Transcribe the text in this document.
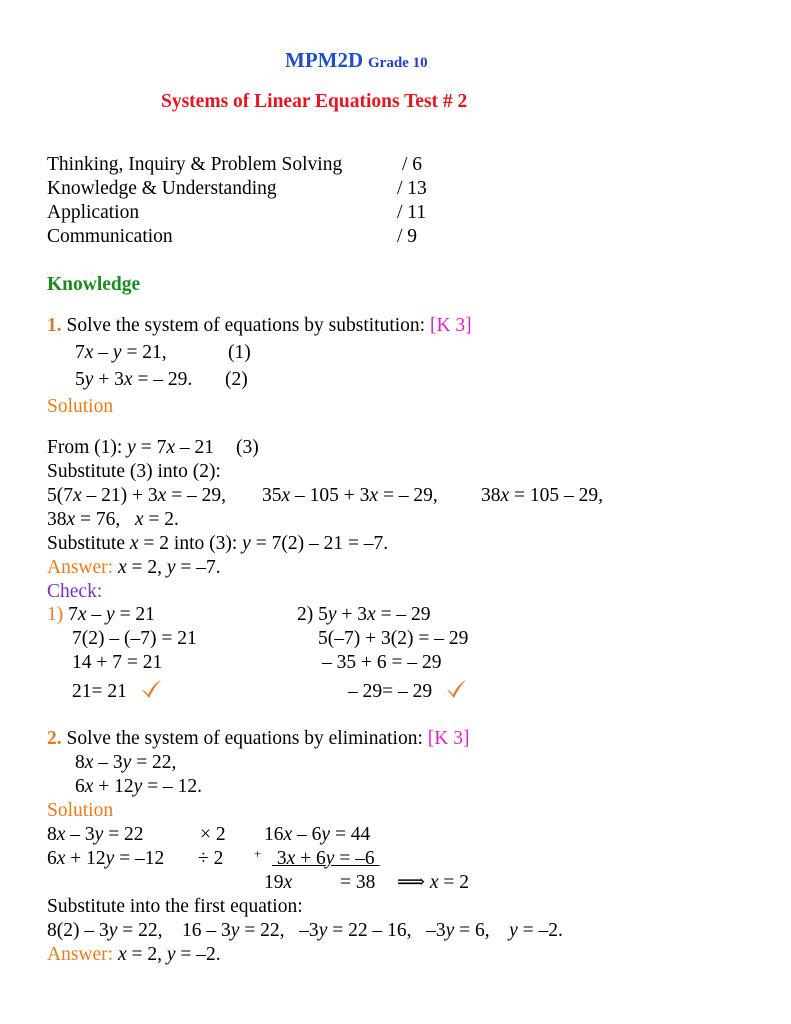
MPM2D Grade 10
Systems of Linear Equations Test # 2
Thinking, Inquiry & Problem Solving	/ 6
Knowledge & Understanding	/ 13
Application	/ 11
Communication	/ 9
Knowledge
1. Solve the system of equations by substitution: [K 3]
7x – y = 21,	(1)
5y + 3x = – 29. (2)
Solution
From (1): y = 7x – 21 (3)
Substitute (3) into (2):
5(7x – 21) + 3x = – 29, 35x – 105 + 3x = – 29, 38x = 105 – 29,
38x = 76,   x = 2.
Substitute x = 2 into (3): y = 7(2) – 21 = –7.
Answer: x = 2, y = –7.
Check:
1) 7x – y = 21
7(2) – (–7) = 21
14 + 7 = 21
21= 21
2) 5y + 3x = – 29
5(–7) + 3(2) = – 29
– 35 + 6 = – 29
– 29= – 29
2. Solve the system of equations by elimination: [K 3]
8x – 3y = 22,
6x + 12y = – 12.
Solution
8x – 3y = 22	× 2 16x – 6y = 44
6x + 12y = –12 ÷ 2 + 3x + 6y = –6
19x = 38 ⟹ x = 2
Substitute into the first equation:
8(2) – 3y = 22,    16 – 3y = 22,   –3y = 22 – 16,   –3y = 6,    y = –2.
Answer: x = 2, y = –2.
